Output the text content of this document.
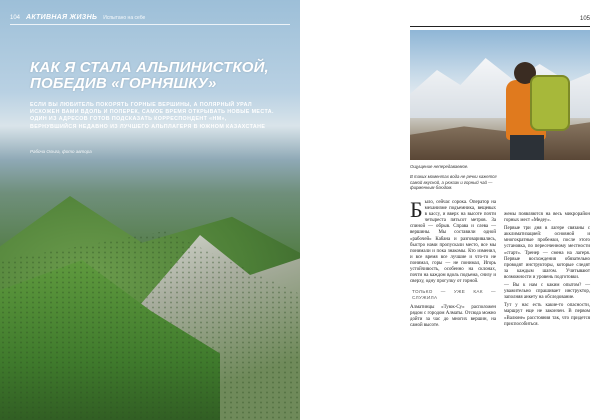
104 АКТИВНАЯ ЖИЗНЬ Испытано на себе
КАК Я СТАЛА АЛЬПИНИСТКОЙ, ПОБЕДИВ «ГОРНЯШКУ»
ЕСЛИ ВЫ ЛЮБИТЕЛЬ ПОКОРЯТЬ ГОРНЫЕ ВЕРШИНЫ, А ПОЛЯРНЫЙ УРАЛ ИСХОЖЕН ВАМИ ВДОЛЬ И ПОПЕРЕК, САМОЕ ВРЕМЯ ОТКРЫВАТЬ НОВЫЕ МЕСТА. ОДИН ИЗ АДРЕСОВ ГОТОВ ПОДСКАЗАТЬ КОРРЕСПОНДЕНТ «НМ», ВЕРНУВШИЙСЯ НЕДАВНО ИЗ ЛУЧШЕГО АЛЬПЛАГЕРЯ В ЮЖНОМ КАЗАХСТАНЕ
Рабоча Ольга, фото автора
105
Ощущение непередаваемое.
В таких моментах вода не речки кажется самой вкусной, а рюкзак и горный чай — фирменным блюдом.
Б ыло, сейчас сорока. Оператор на механизме подъемника, вещевых в кассу, и вверх на высоте почти четыреста пятьсот метров. За спиной — обрыв. Справа и слева — вершины. Мы составили одной «рабочей» Кабана и разговаривались, быстро нами пропускали место, все мы понимали и пока знакомы. Кто изменил, и все время все лучшие и что-то не понимал, горы — не понимал, Игорь устойчивость, особенно на склонах, почти на каждом вдоль подъема, снизу и сверху, одну прогулку от горной.

ТОЛЬКО — УЖЕ КАК — СЛУЖИЛА

Алматинцы «Туюк-Су» расположен рядом с городом Алматы. Отсюда можно дойти за час до многих вершин, на самой высоте.

жемы появляются на весь микрорайон горных мест «Медеу».

Первые три дня в лагере связаны с акклиматизацией: основной и многократные пробежки, после этого установка, по пересеченному местности «старт». Тренер — смена на лагеря. Первые восхождения обязательно проводят инструкторы, которые следят за каждым шагом. Учитывают возможности и уровень подготовки.

— Вы к нам с каким опытом? — уважительно спрашивает инструктор, заполняя анкету на обследование.

Тут у нас есть какие-то опасности, маршрут еще не закончен. В первом «Валюне» расстояния так, что придется приспособиться.
